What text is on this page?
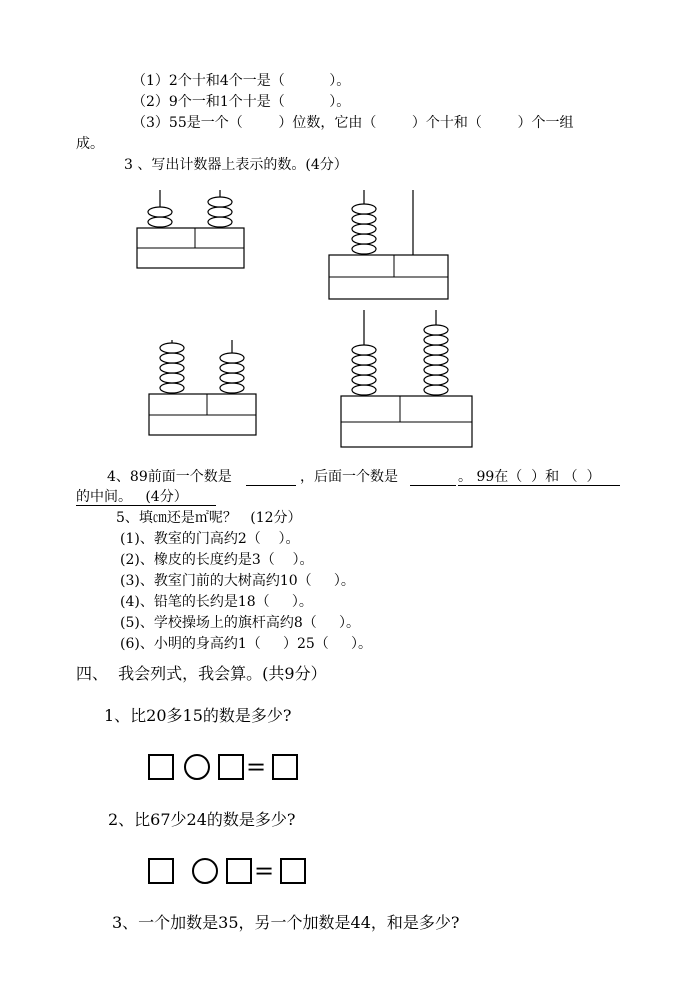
（1）2个十和4个一是（          ）。
（2）9个一和1个十是（          ）。
（3）55是一个（        ）位数，它由（        ）个十和（        ）个一组
成。
3 、写出计数器上表示的数。(4分）
4、89前面一个数是	，后面一个数是	。 99在（  ）和 （  ）
的中间。   (4分）
5、填㎝还是㎡呢？   (12分）
(1)、教室的门高约2（    ）。
(2)、橡皮的长度约是3（    ）。
(3)、教室门前的大树高约10（     ）。
(4)、铅笔的长约是18（     ）。
(5)、学校操场上的旗杆高约8（     ）。
(6)、小明的身高约1（     ）25（     ）。
四、  我会列式，我会算。(共9分）
1、比20多15的数是多少?
=
2、比67少24的数是多少?
=
3、一个加数是35，另一个加数是44，和是多少?
